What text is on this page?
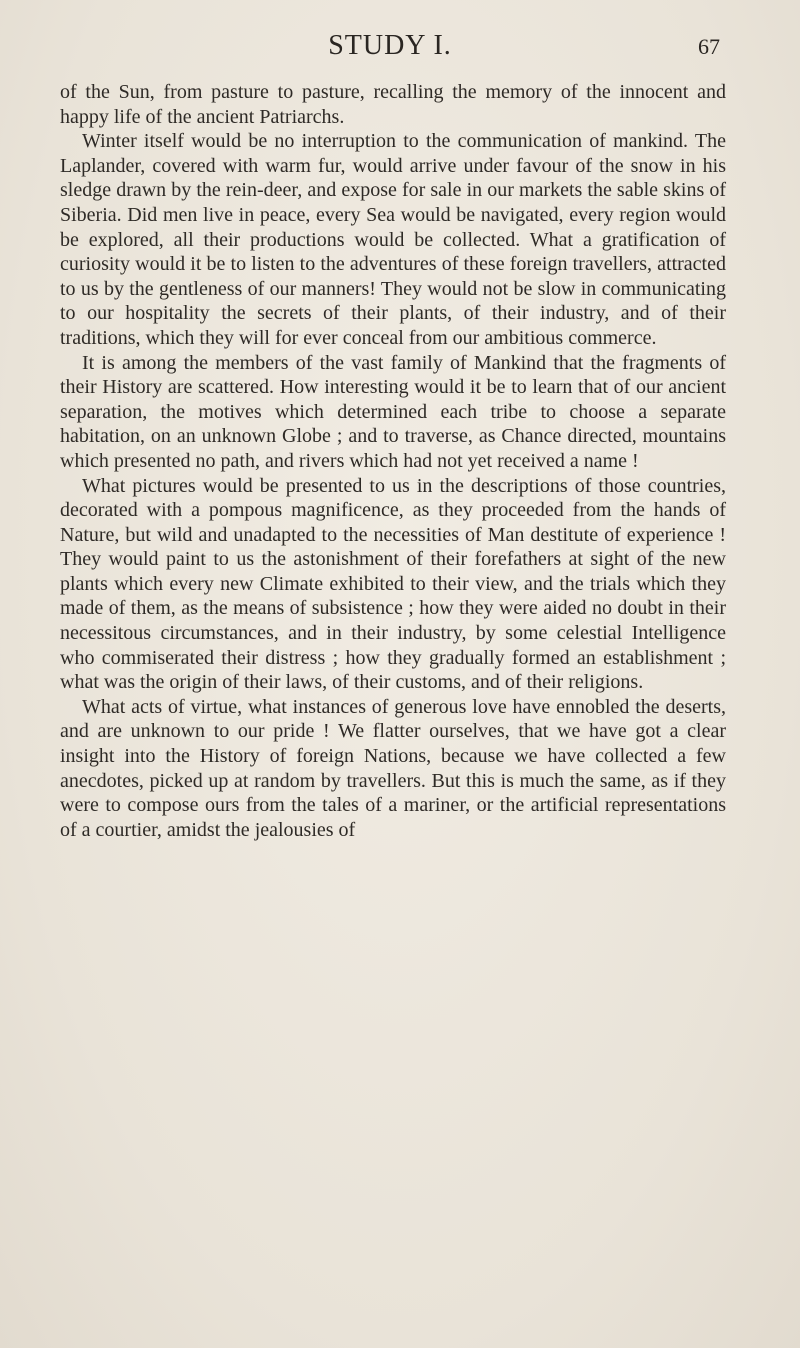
STUDY I.	67

of the Sun, from pasture to pasture, recalling the memory of the innocent and happy life of the ancient Patriarchs.

Winter itself would be no interruption to the communication of mankind. The Laplander, covered with warm fur, would arrive under favour of the snow in his sledge drawn by the rein-deer, and expose for sale in our markets the sable skins of Siberia. Did men live in peace, every Sea would be navigated, every region would be explored, all their productions would be collected. What a gratification of curiosity would it be to listen to the adventures of these foreign travellers, attracted to us by the gentleness of our manners! They would not be slow in communicating to our hospitality the secrets of their plants, of their industry, and of their traditions, which they will for ever conceal from our ambitious commerce.

It is among the members of the vast family of Mankind that the fragments of their History are scattered. How interesting would it be to learn that of our ancient separation, the motives which determined each tribe to choose a separate habitation, on an unknown Globe ; and to traverse, as Chance directed, mountains which presented no path, and rivers which had not yet received a name !

What pictures would be presented to us in the descriptions of those countries, decorated with a pompous magnificence, as they proceeded from the hands of Nature, but wild and unadapted to the necessities of Man destitute of experience ! They would paint to us the astonishment of their forefathers at sight of the new plants which every new Climate exhibited to their view, and the trials which they made of them, as the means of subsistence ; how they were aided no doubt in their necessitous circumstances, and in their industry, by some celestial Intelligence who commiserated their distress ; how they gradually formed an establishment ; what was the origin of their laws, of their customs, and of their religions.

What acts of virtue, what instances of generous love have ennobled the deserts, and are unknown to our pride ! We flatter ourselves, that we have got a clear insight into the History of foreign Nations, because we have collected a few anecdotes, picked up at random by travellers. But this is much the same, as if they were to compose ours from the tales of a mariner, or the artificial representations of a courtier, amidst the jealousies of
